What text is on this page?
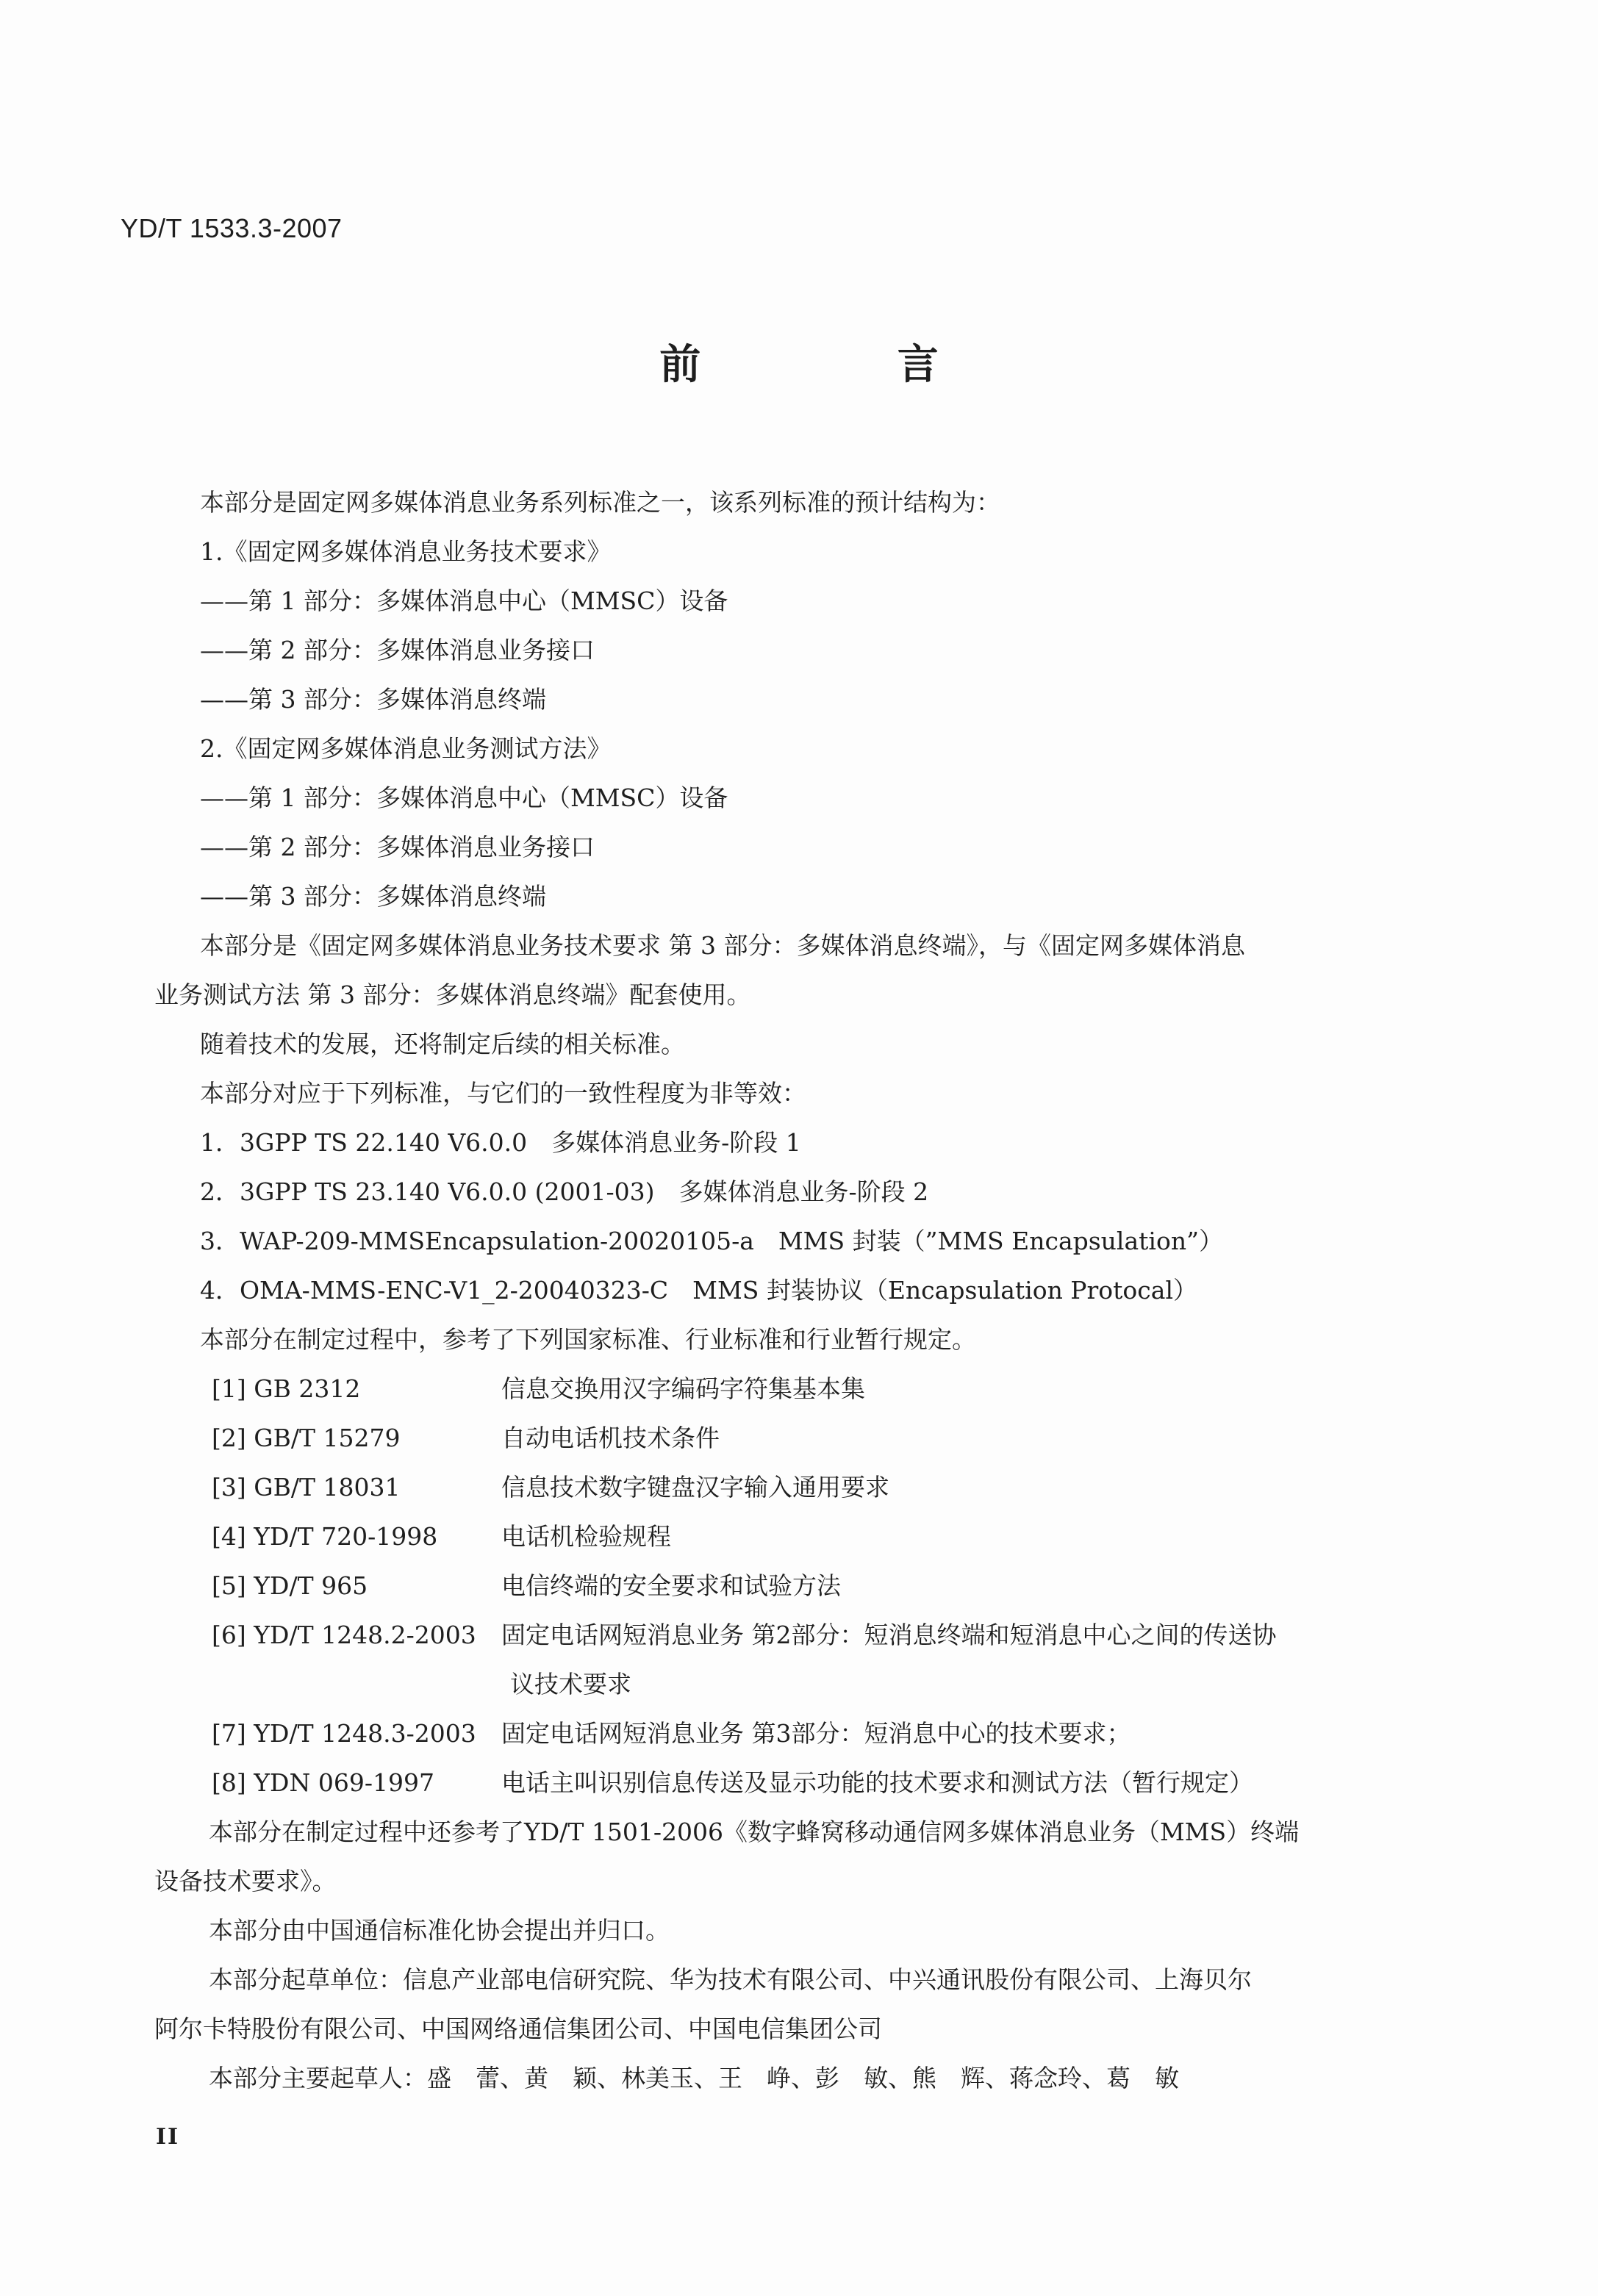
YD/T 1533.3-2007
前 言
本部分是固定网多媒体消息业务系列标准之一，该系列标准的预计结构为：
1.《固定网多媒体消息业务技术要求》
——第 1 部分：多媒体消息中心（MMSC）设备
——第 2 部分：多媒体消息业务接口
——第 3 部分：多媒体消息终端
2.《固定网多媒体消息业务测试方法》
——第 1 部分：多媒体消息中心（MMSC）设备
——第 2 部分：多媒体消息业务接口
——第 3 部分：多媒体消息终端
本部分是《固定网多媒体消息业务技术要求 第 3 部分：多媒体消息终端》，与《固定网多媒体消息
业务测试方法 第 3 部分：多媒体消息终端》配套使用。
随着技术的发展，还将制定后续的相关标准。
本部分对应于下列标准，与它们的一致性程度为非等效：
1．3GPP TS 22.140 V6.0.0　多媒体消息业务-阶段 1
2．3GPP TS 23.140 V6.0.0 (2001-03)　多媒体消息业务-阶段 2
3．WAP-209-MMSEncapsulation-20020105-a　MMS 封装（”MMS Encapsulation”）
4．OMA-MMS-ENC-V1_2-20040323-C　MMS 封装协议（Encapsulation Protocal）
本部分在制定过程中，参考了下列国家标准、行业标准和行业暂行规定。
[1] GB 2312	信息交换用汉字编码字符集基本集
[2] GB/T 15279	自动电话机技术条件
[3] GB/T 18031	信息技术数字键盘汉字输入通用要求
[4] YD/T 720-1998	电话机检验规程
[5] YD/T 965	电信终端的安全要求和试验方法
[6] YD/T 1248.2-2003	固定电话网短消息业务 第2部分：短消息终端和短消息中心之间的传送协
议技术要求
[7] YD/T 1248.3-2003	固定电话网短消息业务 第3部分：短消息中心的技术要求；
[8] YDN 069-1997	电话主叫识别信息传送及显示功能的技术要求和测试方法（暂行规定）
本部分在制定过程中还参考了YD/T 1501-2006《数字蜂窝移动通信网多媒体消息业务（MMS）终端
设备技术要求》。
本部分由中国通信标准化协会提出并归口。
本部分起草单位：信息产业部电信研究院、华为技术有限公司、中兴通讯股份有限公司、上海贝尔
阿尔卡特股份有限公司、中国网络通信集团公司、中国电信集团公司
本部分主要起草人：盛　蕾、黄　颖、林美玉、王　峥、彭　敏、熊　辉、蒋念玲、葛　敏
II
